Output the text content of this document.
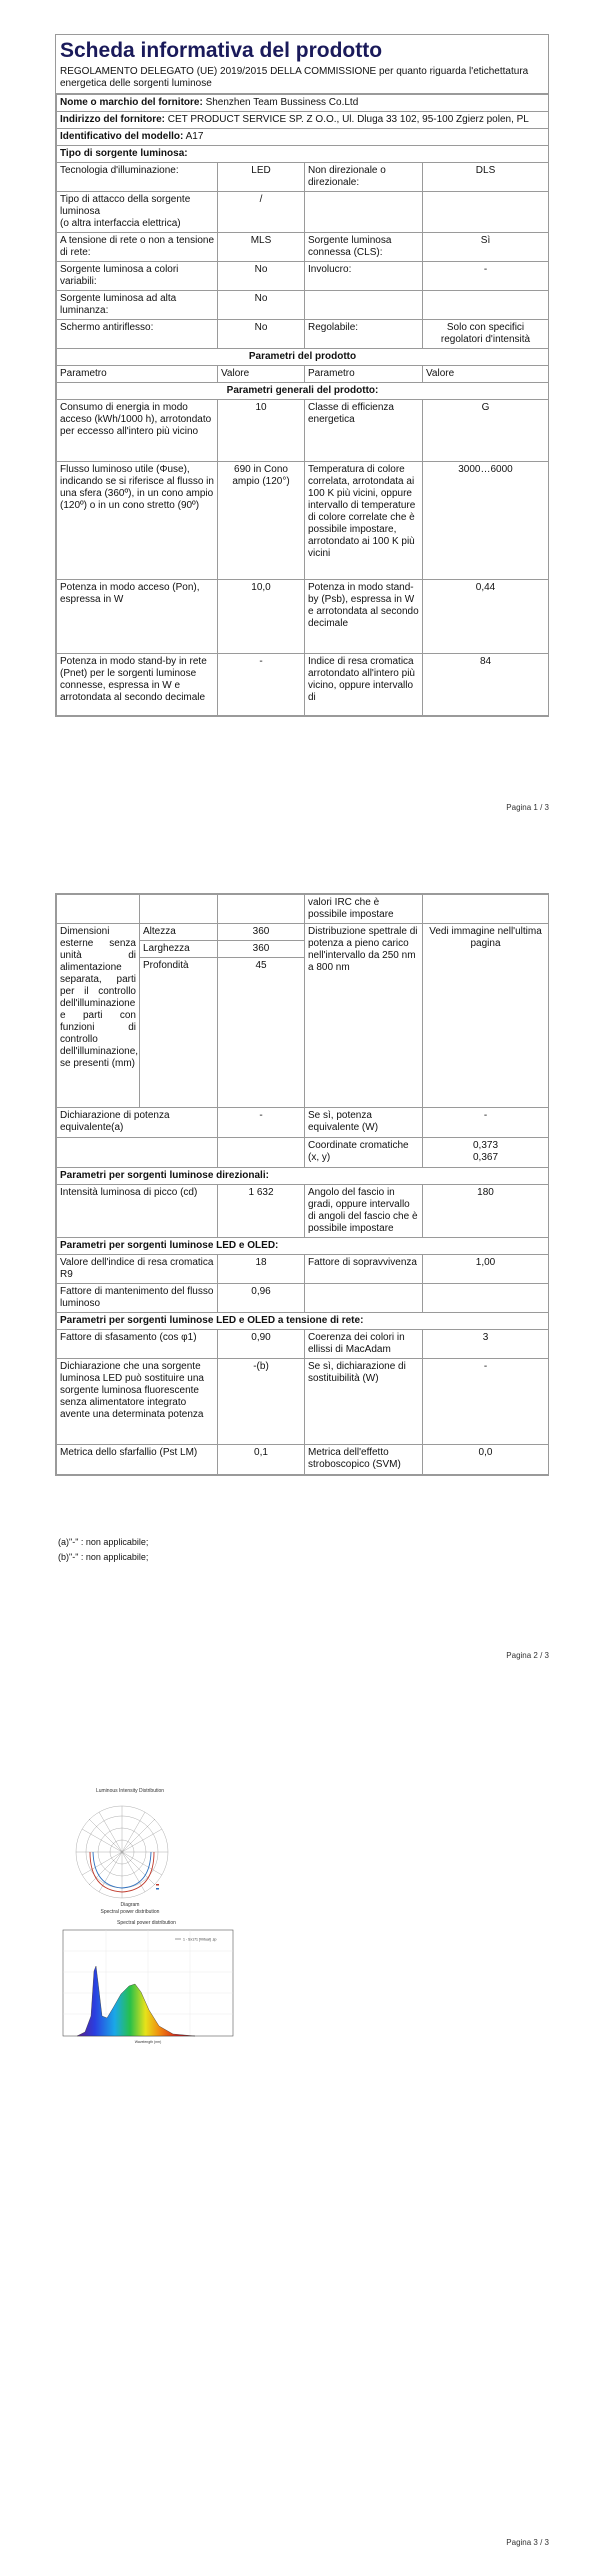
Scheda informativa del prodotto
REGOLAMENTO DELEGATO (UE) 2019/2015 DELLA COMMISSIONE per quanto riguarda l'etichettatura energetica delle sorgenti luminose
Nome o marchio del fornitore: Shenzhen Team Bussiness Co.Ltd			
Indirizzo del fornitore: CET PRODUCT SERVICE SP. Z O.O., Ul. Dluga 33 102, 95-100 Zgierz polen, PL			
Identificativo del modello: A17			
Tipo di sorgente luminosa:			
Tecnologia d'illuminazione:	LED	Non direzionale o direzionale:	DLS
Tipo di attacco della sorgente luminosa
(o altra interfaccia elettrica)	/		
A tensione di rete o non a tensione di rete:	MLS	Sorgente luminosa connessa (CLS):	Sì
Sorgente luminosa a colori variabili:	No	Involucro:	-
Sorgente luminosa ad alta luminanza:	No		
Schermo antiriflesso:	No	Regolabile:	Solo con specifici regolatori d'intensità
Parametri del prodotto			
Parametro	Valore	Parametro	Valore
Parametri generali del prodotto:			
Consumo di energia in modo acceso (kWh/1000 h), arrotondato per eccesso all'intero più vicino	10	Classe di efficienza energetica	G
Flusso luminoso utile (Φuse), indicando se si riferisce al flusso in una sfera (360º), in un cono ampio (120º) o in un cono stretto (90º)	690 in Cono ampio (120°)	Temperatura di colore correlata, arrotondata ai 100 K più vicini, oppure intervallo di temperature di colore correlate che è possibile impostare, arrotondato ai 100 K più vicini	3000…6000
Potenza in modo acceso (Pon), espressa in W	10,0	Potenza in modo stand-by (Psb), espressa in W e arrotondata al secondo decimale	0,44
Potenza in modo stand-by in rete (Pnet) per le sorgenti luminose connesse, espressa in W e arrotondata al secondo decimale	-	Indice di resa cromatica arrotondato all'intero più vicino, oppure intervallo di	84
Pagina 1 / 3
			valori IRC che è possibile impostare	
Dimensioni esterne senza unità di alimentazione separata, parti per il controllo dell'illuminazione e parti con funzioni di controllo dell'illuminazione, se presenti (mm)	Altezza	360	Distribuzione spettrale di potenza a pieno carico nell'intervallo da 250 nm a 800 nm	Vedi immagine nell'ultima pagina
	Larghezza	360		
	Profondità	45		
Dichiarazione di potenza equivalente(a)		-	Se sì, potenza equivalente (W)	-
			Coordinate cromatiche (x, y)	0,373
0,367
Parametri per sorgenti luminose direzionali:				
Intensità luminosa di picco (cd)		1 632	Angolo del fascio in gradi, oppure intervallo di angoli del fascio che è possibile impostare	180
Parametri per sorgenti luminose LED e OLED:				
Valore dell'indice di resa cromatica R9		18	Fattore di sopravvivenza	1,00
Fattore di mantenimento del flusso luminoso		0,96		
Parametri per sorgenti luminose LED e OLED a tensione di rete:				
Fattore di sfasamento (cos φ1)		0,90	Coerenza dei colori in ellissi di MacAdam	3
Dichiarazione che una sorgente luminosa LED può sostituire una sorgente luminosa fluorescente senza alimentatore integrato avente una determinata potenza		-(b)	Se sì, dichiarazione di sostituibilità (W)	-
Metrica dello sfarfallio (Pst LM)		0,1	Metrica dell'effetto stroboscopico (SVM)	0,0
(a)"-" : non applicabile;
(b)"-" : non applicabile;
Pagina 2 / 3
Luminous Intensity Distribution
Diagram
Spectral power distribution
Spectral power distribution
1 - Sx171 [Virtual] .sp
Wavelength (nm)
Pagina 3 / 3
